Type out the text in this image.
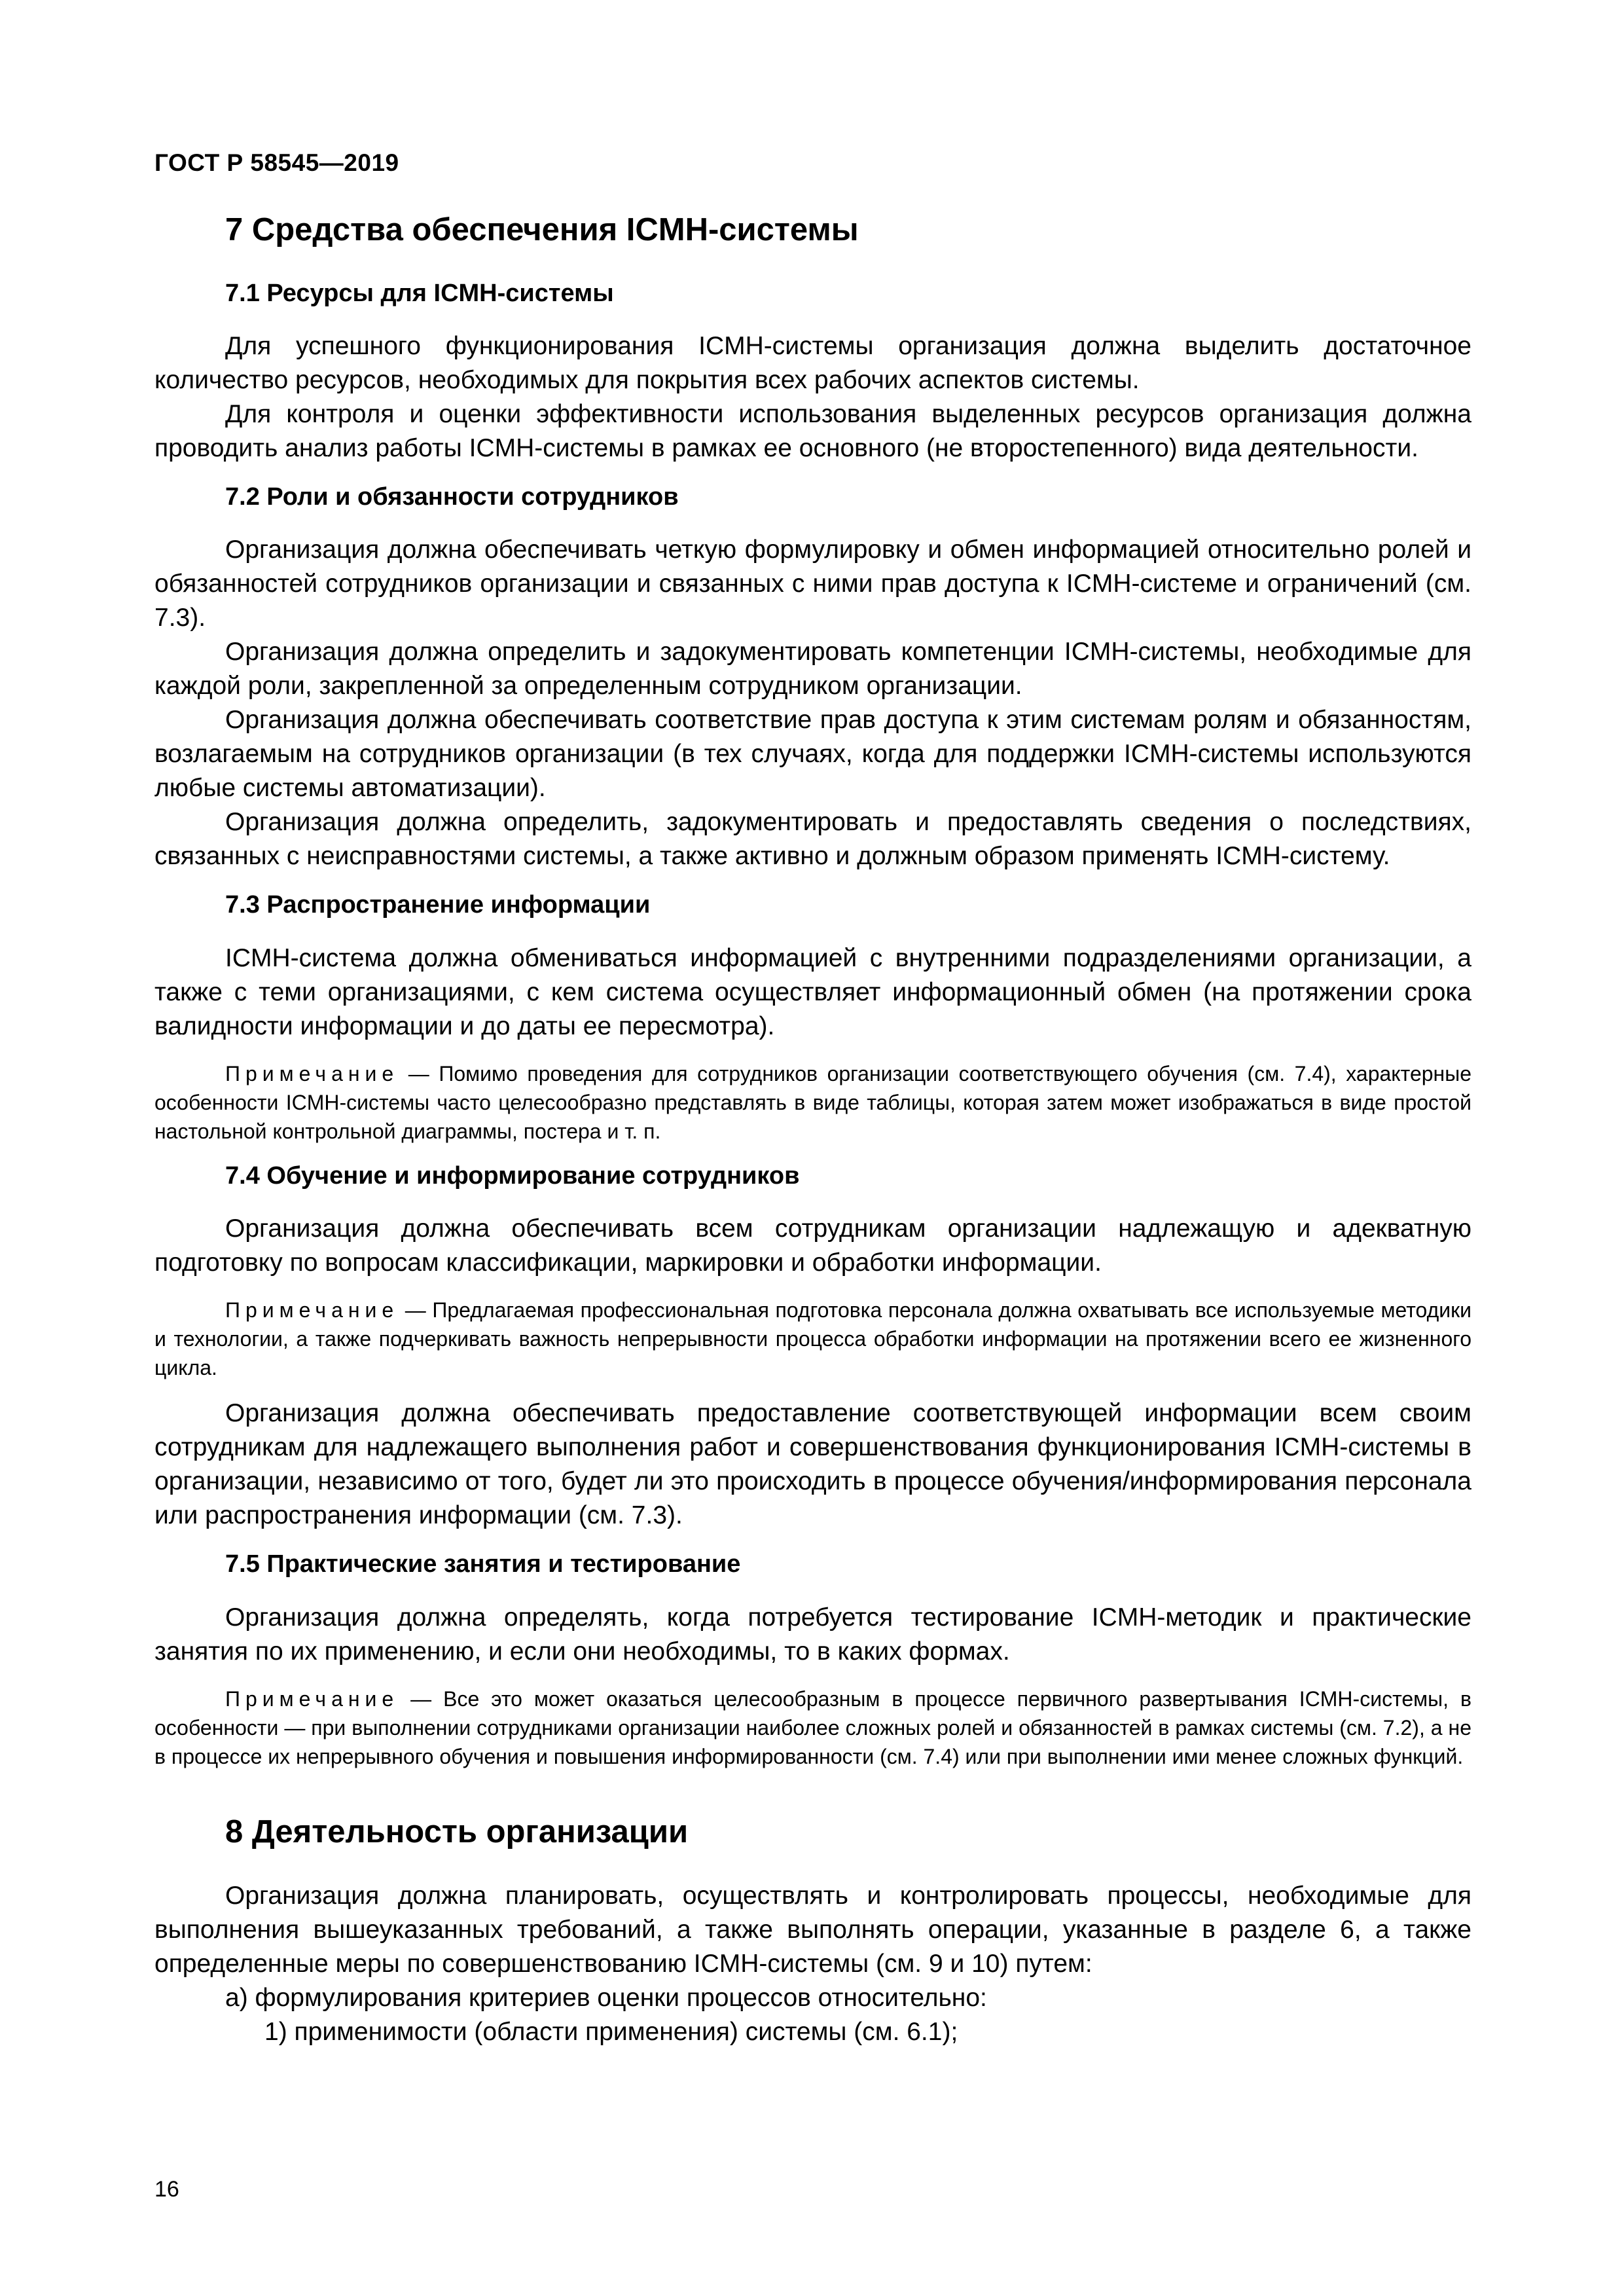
ГОСТ Р 58545—2019
7 Средства обеспечения ICMH-системы
7.1 Ресурсы для ICMH-системы

Для успешного функционирования ICMH-системы организация должна выделить достаточное количество ресурсов, необходимых для покрытия всех рабочих аспектов системы.

Для контроля и оценки эффективности использования выделенных ресурсов организация должна проводить анализ работы ICMH-системы в рамках ее основного (не второстепенного) вида деятельности.

7.2 Роли и обязанности сотрудников

Организация должна обеспечивать четкую формулировку и обмен информацией относительно ролей и обязанностей сотрудников организации и связанных с ними прав доступа к ICMH-системе и ограничений (см. 7.3).

Организация должна определить и задокументировать компетенции ICMH-системы, необходимые для каждой роли, закрепленной за определенным сотрудником организации.

Организация должна обеспечивать соответствие прав доступа к этим системам ролям и обязанностям, возлагаемым на сотрудников организации (в тех случаях, когда для поддержки ICMH-системы используются любые системы автоматизации).

Организация должна определить, задокументировать и предоставлять сведения о последствиях, связанных с неисправностями системы, а также активно и должным образом применять ICMH-систему.

7.3 Распространение информации

ICMH-система должна обмениваться информацией с внутренними подразделениями организации, а также с теми организациями, с кем система осуществляет информационный обмен (на протяжении срока валидности информации и до даты ее пересмотра).

Примечание — Помимо проведения для сотрудников организации соответствующего обучения (см. 7.4), характерные особенности ICMH-системы часто целесообразно представлять в виде таблицы, которая затем может изображаться в виде простой настольной контрольной диаграммы, постера и т. п.

7.4 Обучение и информирование сотрудников

Организация должна обеспечивать всем сотрудникам организации надлежащую и адекватную подготовку по вопросам классификации, маркировки и обработки информации.

Примечание — Предлагаемая профессиональная подготовка персонала должна охватывать все используемые методики и технологии, а также подчеркивать важность непрерывности процесса обработки информации на протяжении всего ее жизненного цикла.

Организация должна обеспечивать предоставление соответствующей информации всем своим сотрудникам для надлежащего выполнения работ и совершенствования функционирования ICMH-системы в организации, независимо от того, будет ли это происходить в процессе обучения/информирования персонала или распространения информации (см. 7.3).

7.5 Практические занятия и тестирование

Организация должна определять, когда потребуется тестирование ICMH-методик и практические занятия по их применению, и если они необходимы, то в каких формах.

Примечание — Все это может оказаться целесообразным в процессе первичного развертывания ICMH-системы, в особенности — при выполнении сотрудниками организации наиболее сложных ролей и обязанностей в рамках системы (см. 7.2), а не в процессе их непрерывного обучения и повышения информированности (см. 7.4) или при выполнении ими менее сложных функций.

8 Деятельность организации

Организация должна планировать, осуществлять и контролировать процессы, необходимые для выполнения вышеуказанных требований, а также выполнять операции, указанные в разделе 6, а также определенные меры по совершенствованию ICMH-системы (см. 9 и 10) путем:

а) формулирования критериев оценки процессов относительно:

1) применимости (области применения) системы (см. 6.1);

16
